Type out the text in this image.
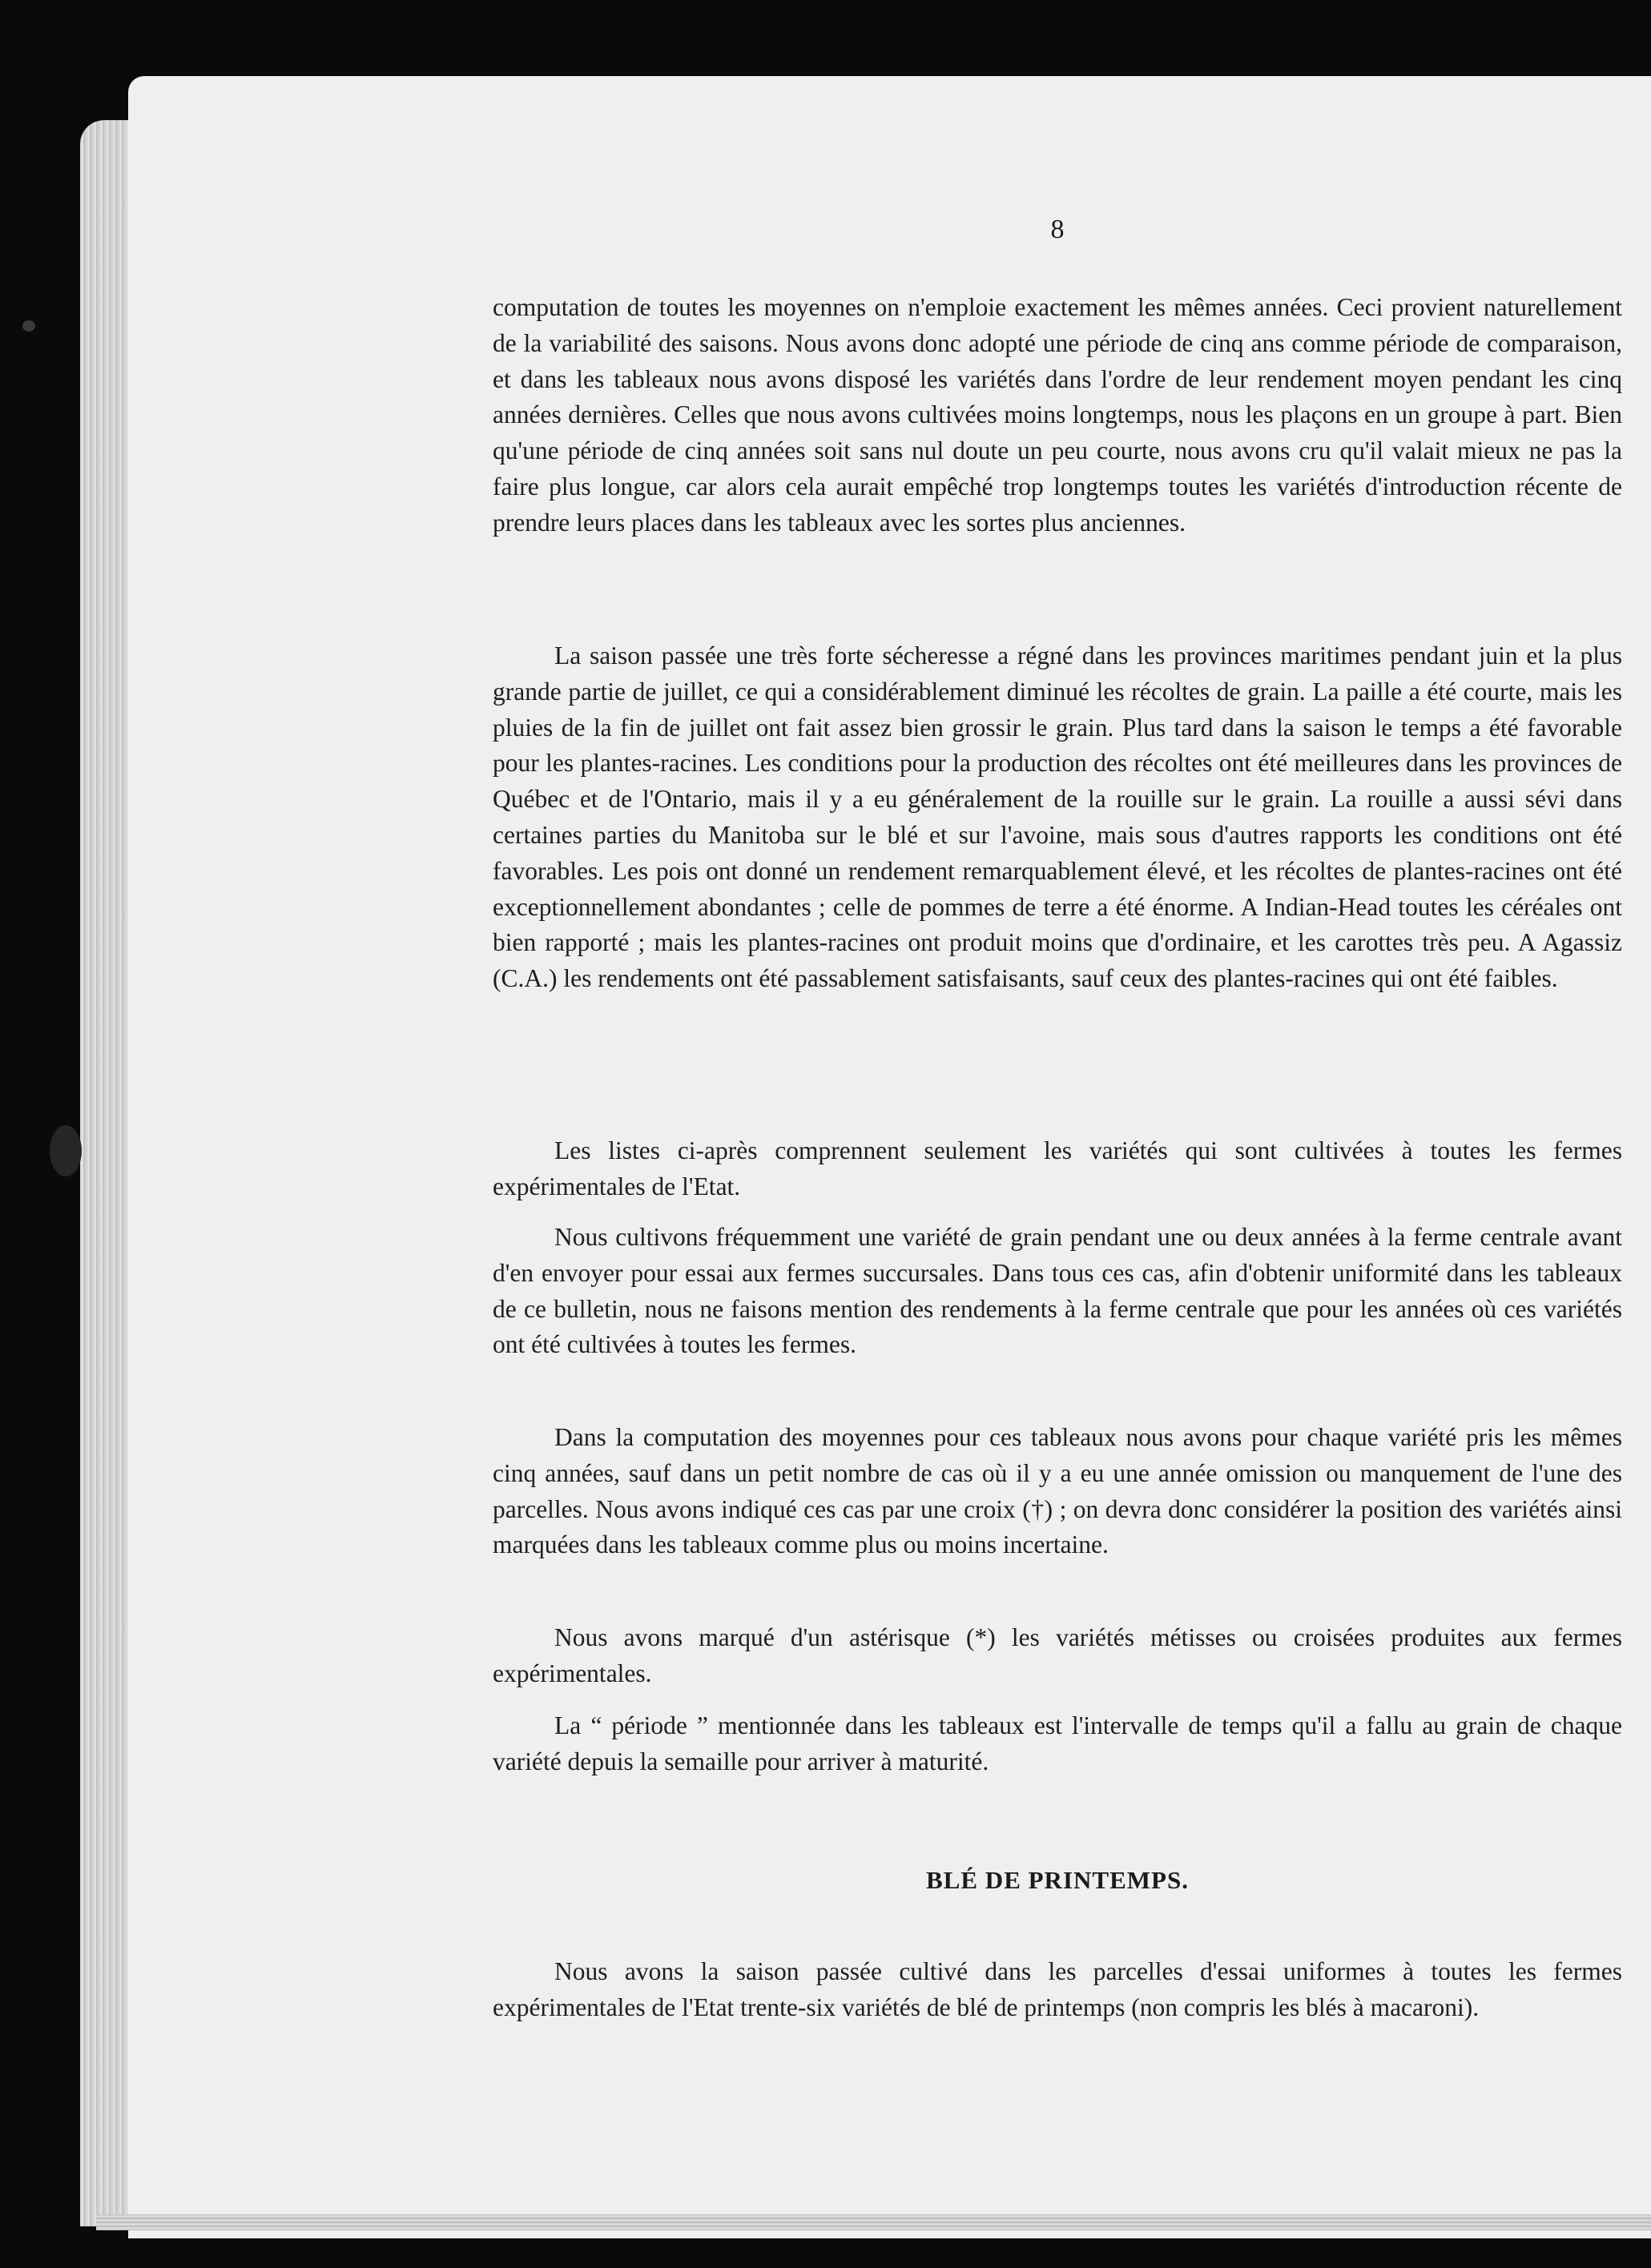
8

computation de toutes les moyennes on n'emploie exactement les mêmes années. Ceci provient naturellement de la variabilité des saisons. Nous avons donc adopté une période de cinq ans comme période de comparaison, et dans les tableaux nous avons disposé les variétés dans l'ordre de leur rendement moyen pendant les cinq années dernières. Celles que nous avons cultivées moins longtemps, nous les plaçons en un groupe à part. Bien qu'une période de cinq années soit sans nul doute un peu courte, nous avons cru qu'il valait mieux ne pas la faire plus longue, car alors cela aurait empêché trop longtemps toutes les variétés d'introduction récente de prendre leurs places dans les tableaux avec les sortes plus anciennes.

La saison passée une très forte sécheresse a régné dans les provinces maritimes pendant juin et la plus grande partie de juillet, ce qui a considérablement diminué les récoltes de grain. La paille a été courte, mais les pluies de la fin de juillet ont fait assez bien grossir le grain. Plus tard dans la saison le temps a été favorable pour les plantes-racines. Les conditions pour la production des récoltes ont été meilleures dans les provinces de Québec et de l'Ontario, mais il y a eu généralement de la rouille sur le grain. La rouille a aussi sévi dans certaines parties du Manitoba sur le blé et sur l'avoine, mais sous d'autres rapports les conditions ont été favorables. Les pois ont donné un rendement remarquablement élevé, et les récoltes de plantes-racines ont été exceptionnellement abondantes ; celle de pommes de terre a été énorme. A Indian-Head toutes les céréales ont bien rapporté ; mais les plantes-racines ont produit moins que d'ordinaire, et les carottes très peu. A Agassiz (C.A.) les rendements ont été passablement satisfaisants, sauf ceux des plantes-racines qui ont été faibles.

Les listes ci-après comprennent seulement les variétés qui sont cultivées à toutes les fermes expérimentales de l'Etat.

Nous cultivons fréquemment une variété de grain pendant une ou deux années à la ferme centrale avant d'en envoyer pour essai aux fermes succursales. Dans tous ces cas, afin d'obtenir uniformité dans les tableaux de ce bulletin, nous ne faisons mention des rendements à la ferme centrale que pour les années où ces variétés ont été cultivées à toutes les fermes.

Dans la computation des moyennes pour ces tableaux nous avons pour chaque variété pris les mêmes cinq années, sauf dans un petit nombre de cas où il y a eu une année omission ou manquement de l'une des parcelles. Nous avons indiqué ces cas par une croix (†) ; on devra donc considérer la position des variétés ainsi marquées dans les tableaux comme plus ou moins incertaine.

Nous avons marqué d'un astérisque (*) les variétés métisses ou croisées produites aux fermes expérimentales.

La “ période ” mentionnée dans les tableaux est l'intervalle de temps qu'il a fallu au grain de chaque variété depuis la semaille pour arriver à maturité.

BLÉ DE PRINTEMPS.

Nous avons la saison passée cultivé dans les parcelles d'essai uniformes à toutes les fermes expérimentales de l'Etat trente-six variétés de blé de printemps (non compris les blés à macaroni).
